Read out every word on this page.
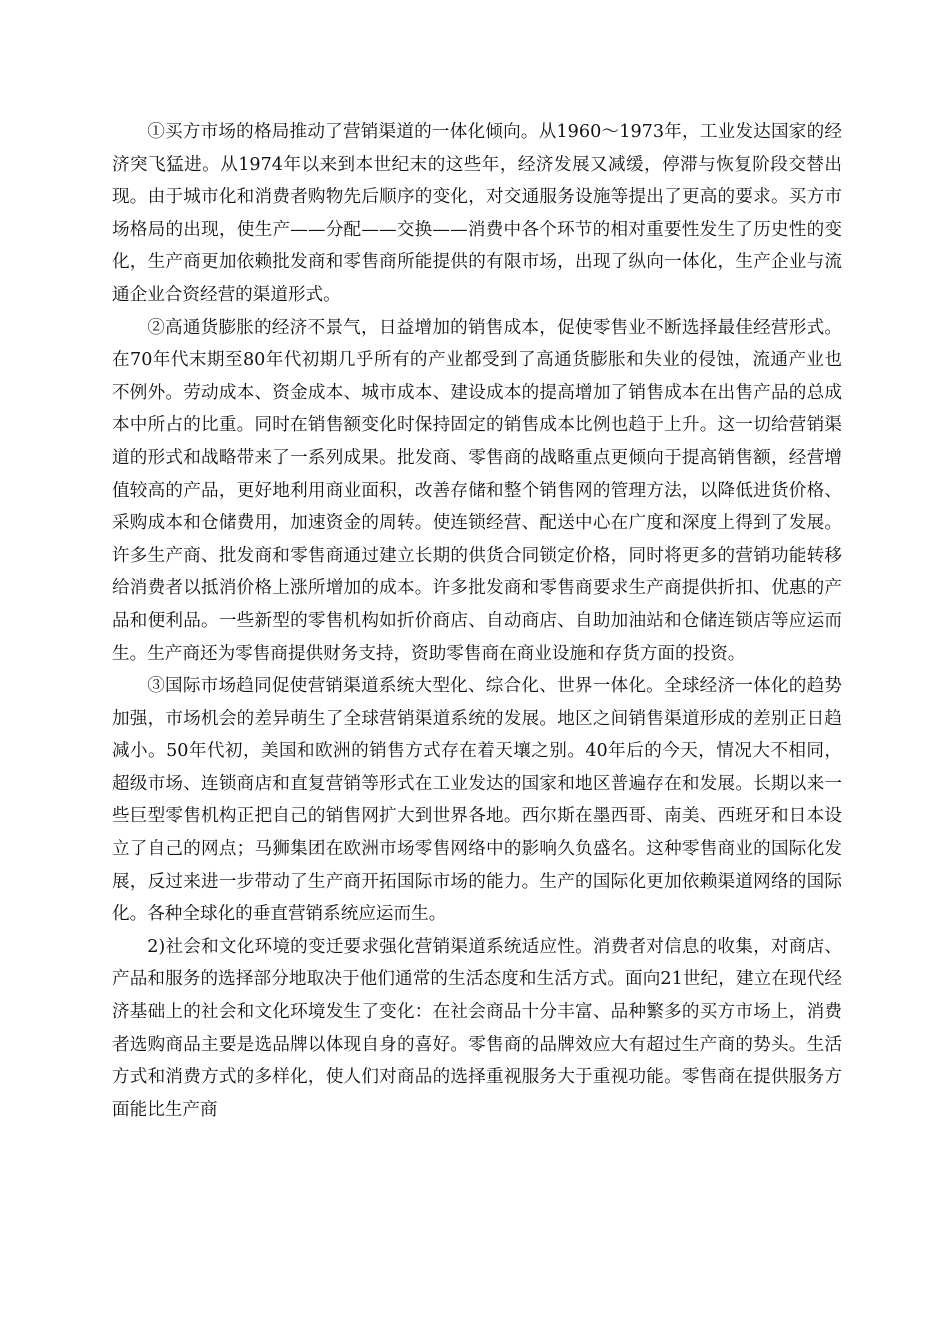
①买方市场的格局推动了营销渠道的一体化倾向。从1960～1973年，工业发达国家的经济突飞猛进。从1974年以来到本世纪末的这些年，经济发展又减缓，停滞与恢复阶段交替出现。由于城市化和消费者购物先后顺序的变化，对交通服务设施等提出了更高的要求。买方市场格局的出现，使生产——分配——交换——消费中各个环节的相对重要性发生了历史性的变化，生产商更加依赖批发商和零售商所能提供的有限市场，出现了纵向一体化，生产企业与流通企业合资经营的渠道形式。

②高通货膨胀的经济不景气，日益增加的销售成本，促使零售业不断选择最佳经营形式。在70年代末期至80年代初期几乎所有的产业都受到了高通货膨胀和失业的侵蚀，流通产业也不例外。劳动成本、资金成本、城市成本、建设成本的提高增加了销售成本在出售产品的总成本中所占的比重。同时在销售额变化时保持固定的销售成本比例也趋于上升。这一切给营销渠道的形式和战略带来了一系列成果。批发商、零售商的战略重点更倾向于提高销售额，经营增值较高的产品，更好地利用商业面积，改善存储和整个销售网的管理方法，以降低进货价格、采购成本和仓储费用，加速资金的周转。使连锁经营、配送中心在广度和深度上得到了发展。许多生产商、批发商和零售商通过建立长期的供货合同锁定价格，同时将更多的营销功能转移给消费者以抵消价格上涨所增加的成本。许多批发商和零售商要求生产商提供折扣、优惠的产品和便利品。一些新型的零售机构如折价商店、自动商店、自助加油站和仓储连锁店等应运而生。生产商还为零售商提供财务支持，资助零售商在商业设施和存货方面的投资。

③国际市场趋同促使营销渠道系统大型化、综合化、世界一体化。全球经济一体化的趋势加强，市场机会的差异萌生了全球营销渠道系统的发展。地区之间销售渠道形成的差别正日趋减小。50年代初，美国和欧洲的销售方式存在着天壤之别。40年后的今天，情况大不相同，超级市场、连锁商店和直复营销等形式在工业发达的国家和地区普遍存在和发展。长期以来一些巨型零售机构正把自己的销售网扩大到世界各地。西尔斯在墨西哥、南美、西班牙和日本设立了自己的网点；马狮集团在欧洲市场零售网络中的影响久负盛名。这种零售商业的国际化发展，反过来进一步带动了生产商开拓国际市场的能力。生产的国际化更加依赖渠道网络的国际化。各种全球化的垂直营销系统应运而生。

2)社会和文化环境的变迁要求强化营销渠道系统适应性。消费者对信息的收集，对商店、产品和服务的选择部分地取决于他们通常的生活态度和生活方式。面向21世纪，建立在现代经济基础上的社会和文化环境发生了变化：在社会商品十分丰富、品种繁多的买方市场上，消费者选购商品主要是选品牌以体现自身的喜好。零售商的品牌效应大有超过生产商的势头。生活方式和消费方式的多样化，使人们对商品的选择重视服务大于重视功能。零售商在提供服务方面能比生产商
